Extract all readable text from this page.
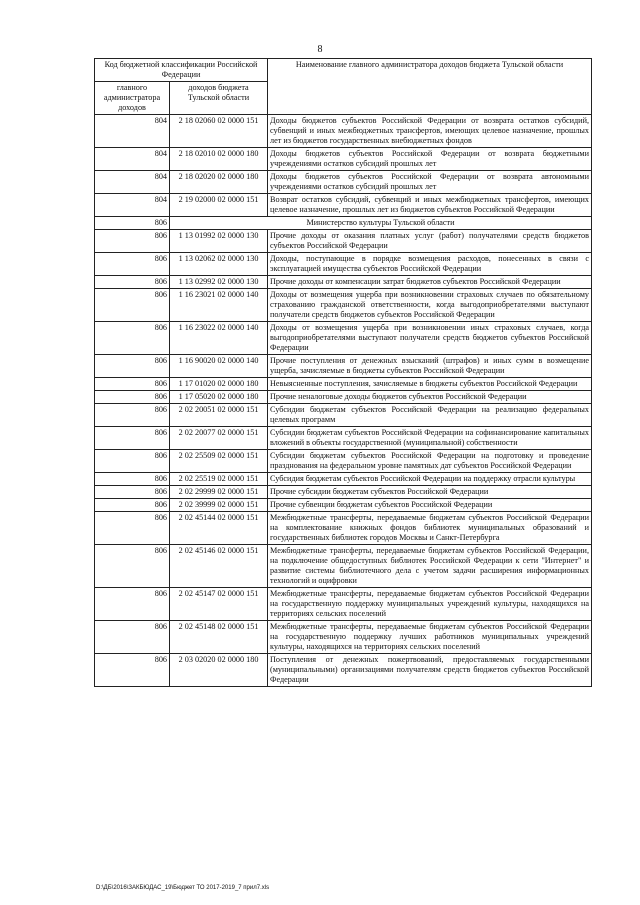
8
Код бюджетной классификации Российской Федерации		Наименование главного администратора доходов бюджета Тульской области
главного администратора доходов	доходов бюджета Тульской области	
804	2 18 02060 02 0000 151	Доходы бюджетов субъектов Российской Федерации от возврата остатков субсидий, субвенций и иных межбюджетных трансфертов, имеющих целевое назначение, прошлых лет из бюджетов государственных внебюджетных фондов
804	2 18 02010 02 0000 180	Доходы бюджетов субъектов Российской Федерации от возврата бюджетными учреждениями остатков субсидий прошлых лет
804	2 18 02020 02 0000 180	Доходы бюджетов субъектов Российской Федерации от возврата автономными учреждениями остатков субсидий прошлых лет
804	2 19 02000 02 0000 151	Возврат остатков субсидий, субвенций и иных межбюджетных трансфертов, имеющих целевое назначение, прошлых лет из бюджетов субъектов Российской Федерации
806	Министерство культуры Тульской области	
806	1 13 01992 02 0000 130	Прочие доходы от оказания платных услуг (работ) получателями средств бюджетов субъектов Российской Федерации
806	1 13 02062 02 0000 130	Доходы, поступающие в порядке возмещения расходов, понесенных в связи с эксплуатацией имущества субъектов Российской Федерации
806	1 13 02992 02 0000 130	Прочие доходы от компенсации затрат бюджетов субъектов Российской Федерации
806	1 16 23021 02 0000 140	Доходы от возмещения ущерба при возникновении страховых случаев по обязательному страхованию гражданской ответственности, когда выгодоприобретателями выступают получатели средств бюджетов субъектов Российской Федерации
806	1 16 23022 02 0000 140	Доходы от возмещения ущерба при возникновении иных страховых случаев, когда выгодоприобретателями выступают получатели средств бюджетов субъектов Российской Федерации
806	1 16 90020 02 0000 140	Прочие поступления от денежных взысканий (штрафов) и иных сумм в возмещение ущерба, зачисляемые в бюджеты субъектов Российской Федерации
806	1 17 01020 02 0000 180	Невыясненные поступления, зачисляемые в бюджеты субъектов Российской Федерации
806	1 17 05020 02 0000 180	Прочие неналоговые доходы бюджетов субъектов Российской Федерации
806	2 02 20051 02 0000 151	Субсидии бюджетам субъектов Российской Федерации на реализацию федеральных целевых программ
806	2 02 20077 02 0000 151	Субсидии бюджетам субъектов Российской Федерации на софинансирование капитальных вложений в объекты государственной (муниципальной) собственности
806	2 02 25509 02 0000 151	Субсидии бюджетам субъектов Российской Федерации на подготовку и проведение празднования на федеральном уровне памятных дат субъектов Российской Федерации
806	2 02 25519 02 0000 151	Субсидия бюджетам субъектов Российской Федерации на поддержку отрасли культуры
806	2 02 29999 02 0000 151	Прочие субсидии бюджетам субъектов Российской Федерации
806	2 02 39999 02 0000 151	Прочие субвенции бюджетам субъектов Российской Федерации
806	2 02 45144 02 0000 151	Межбюджетные трансферты, передаваемые бюджетам субъектов Российской Федерации на комплектование книжных фондов библиотек муниципальных образований и государственных библиотек городов Москвы и Санкт-Петербурга
806	2 02 45146 02 0000 151	Межбюджетные трансферты, передаваемые бюджетам субъектов Российской Федерации, на подключение общедоступных библиотек Российской Федерации к сети "Интернет" и развитие системы библиотечного дела с учетом задачи расширения информационных технологий и оцифровки
806	2 02 45147 02 0000 151	Межбюджетные трансферты, передаваемые бюджетам субъектов Российской Федерации на государственную поддержку муниципальных учреждений культуры, находящихся на территориях сельских поселений
806	2 02 45148 02 0000 151	Межбюджетные трансферты, передаваемые бюджетам субъектов Российской Федерации на государственную поддержку лучших работников муниципальных учреждений культуры, находящихся на территориях сельских поселений
806	2 03 02020 02 0000 180	Поступления от денежных пожертвований, предоставляемых государственными (муниципальными) организациями получателям средств бюджетов субъектов Российской Федерации
D:\ДБ\2016\ЗАКБЮДАС_19\Бюджет ТО 2017-2019_7 прил7.xls
